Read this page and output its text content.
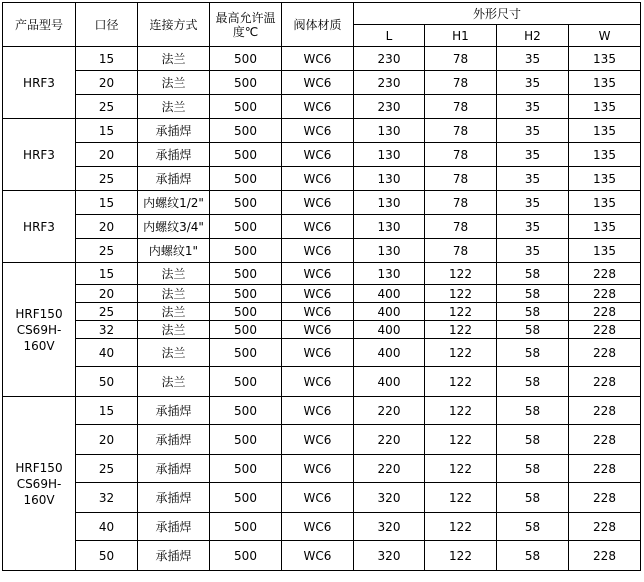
产品型号	口径	连接方式	最高允许温度℃	阀体材质	外形尺寸			
					L	H1	H2	W
HRF3	15	法兰	500	WC6	230	78	35	135
	20	法兰	500	WC6	230	78	35	135
	25	法兰	500	WC6	230	78	35	135
HRF3	15	承插焊	500	WC6	130	78	35	135
	20	承插焊	500	WC6	130	78	35	135
	25	承插焊	500	WC6	130	78	35	135
HRF3	15	内螺纹1/2"	500	WC6	130	78	35	135
	20	内螺纹3/4"	500	WC6	130	78	35	135
	25	内螺纹1"	500	WC6	130	78	35	135
HRF150 CS69H-160V	15	法兰	500	WC6	130	122	58	228
	20	法兰	500	WC6	400	122	58	228
	25	法兰	500	WC6	400	122	58	228
	32	法兰	500	WC6	400	122	58	228
	40	法兰	500	WC6	400	122	58	228
	50	法兰	500	WC6	400	122	58	228
HRF150 CS69H-160V	15	承插焊	500	WC6	220	122	58	228
	20	承插焊	500	WC6	220	122	58	228
	25	承插焊	500	WC6	220	122	58	228
	32	承插焊	500	WC6	320	122	58	228
	40	承插焊	500	WC6	320	122	58	228
	50	承插焊	500	WC6	320	122	58	228
